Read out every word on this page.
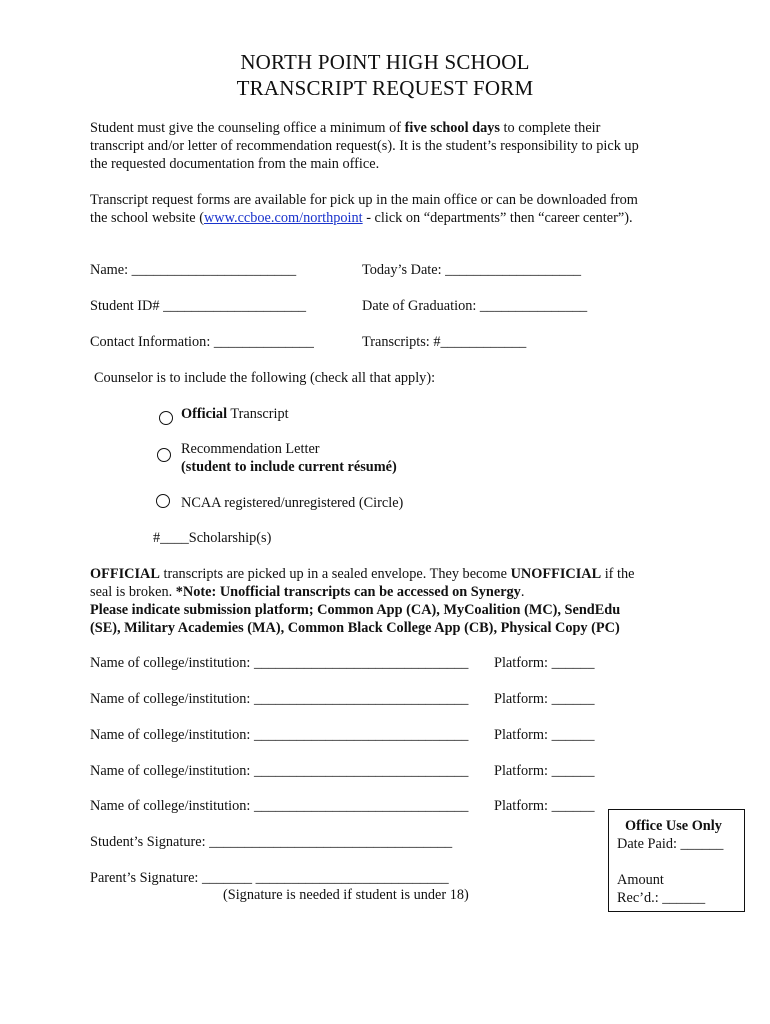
NORTH POINT HIGH SCHOOL
TRANSCRIPT REQUEST FORM
Student must give the counseling office a minimum of five school days to complete their
transcript and/or letter of recommendation request(s). It is the student’s responsibility to pick up
the requested documentation from the main office.
Transcript request forms are available for pick up in the main office or can be downloaded from
the school website (www.ccboe.com/northpoint - click on “departments” then “career center”).
Name: _______________________	Today’s Date: ___________________
Student ID# ____________________	Date of Graduation: _______________
Contact Information: ______________	Transcripts: #____________
Counselor is to include the following (check all that apply):
Official Transcript
Recommendation Letter
(student to include current résumé)
NCAA registered/unregistered (Circle)
#____Scholarship(s)
OFFICIAL transcripts are picked up in a sealed envelope. They become UNOFFICIAL if the
seal is broken. *Note: Unofficial transcripts can be accessed on Synergy.
Please indicate submission platform; Common App (CA), MyCoalition (MC), SendEdu
(SE), Military Academies (MA), Common Black College App (CB), Physical Copy (PC)
Name of college/institution: ______________________________ Platform: ______
Name of college/institution: ______________________________ Platform: ______
Name of college/institution: ______________________________ Platform: ______
Name of college/institution: ______________________________ Platform: ______
Name of college/institution: ______________________________ Platform: ______
Student’s Signature: __________________________________
Parent’s Signature: _______ ___________________________
(Signature is needed if student is under 18)
Office Use Only
Date Paid: ______
Amount
Rec’d.: ______
